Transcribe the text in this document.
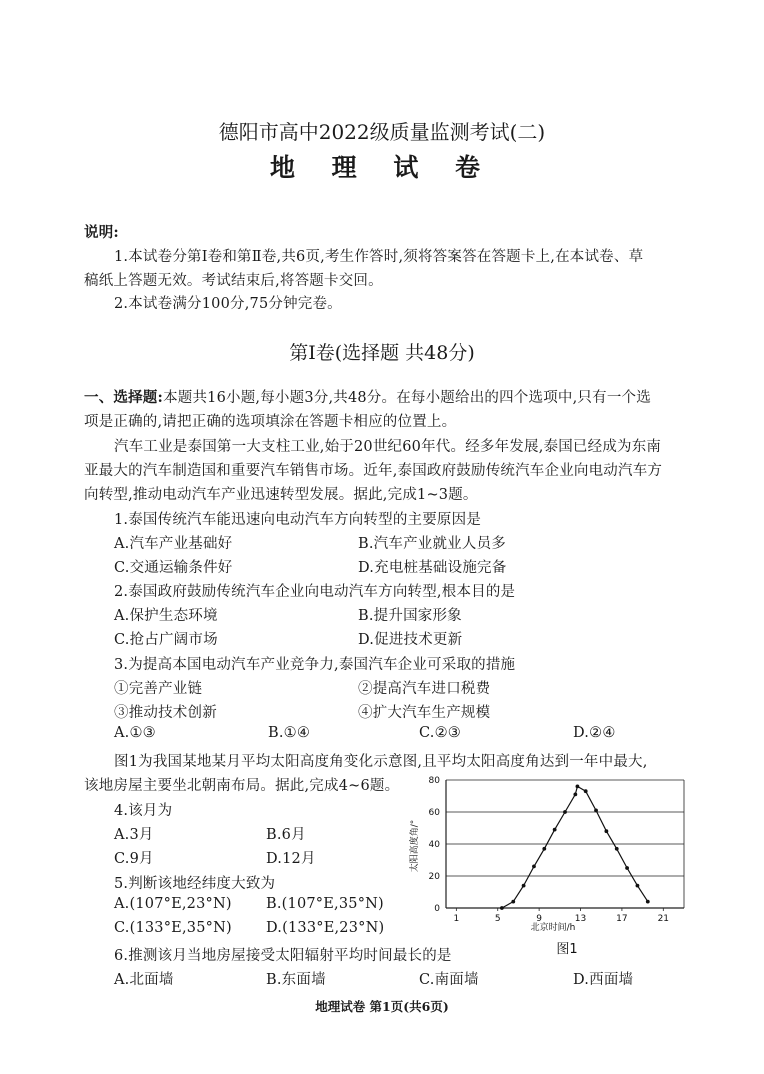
德阳市高中2022级质量监测考试(二)
地 理 试 卷
说明:
1.本试卷分第Ⅰ卷和第Ⅱ卷,共6页,考生作答时,须将答案答在答题卡上,在本试卷、草
稿纸上答题无效。考试结束后,将答题卡交回。
2.本试卷满分100分,75分钟完卷。
第Ⅰ卷(选择题 共48分)
一、选择题:本题共16小题,每小题3分,共48分。在每小题给出的四个选项中,只有一个选
项是正确的,请把正确的选项填涂在答题卡相应的位置上。
汽车工业是泰国第一大支柱工业,始于20世纪60年代。经多年发展,泰国已经成为东南
亚最大的汽车制造国和重要汽车销售市场。近年,泰国政府鼓励传统汽车企业向电动汽车方
向转型,推动电动汽车产业迅速转型发展。据此,完成1~3题。
1.泰国传统汽车能迅速向电动汽车方向转型的主要原因是
A.汽车产业基础好	B.汽车产业就业人员多
C.交通运输条件好	D.充电桩基础设施完备
2.泰国政府鼓励传统汽车企业向电动汽车方向转型,根本目的是
A.保护生态环境	B.提升国家形象
C.抢占广阔市场	D.促进技术更新
3.为提高本国电动汽车产业竞争力,泰国汽车企业可采取的措施
①完善产业链	②提高汽车进口税费
③推动技术创新	④扩大汽车生产规模
A.①③	B.①④	C.②③	D.②④
图1为我国某地某月平均太阳高度角变化示意图,且平均太阳高度角达到一年中最大,
该地房屋主要坐北朝南布局。据此,完成4~6题。
4.该月为
A.3月	B.6月
C.9月	D.12月
5.判断该地经纬度大致为
A.(107°E,23°N) B.(107°E,35°N)
C.(133°E,35°N) D.(133°E,23°N)
6.推测该月当地房屋接受太阳辐射平均时间最长的是
A.北面墙	B.东面墙	C.南面墙	D.西面墙
0
20
40
60
80
1	5	9	13	17	21
太阳高度角/°
北京时间/h
图1
地理试卷 第1页(共6页)
